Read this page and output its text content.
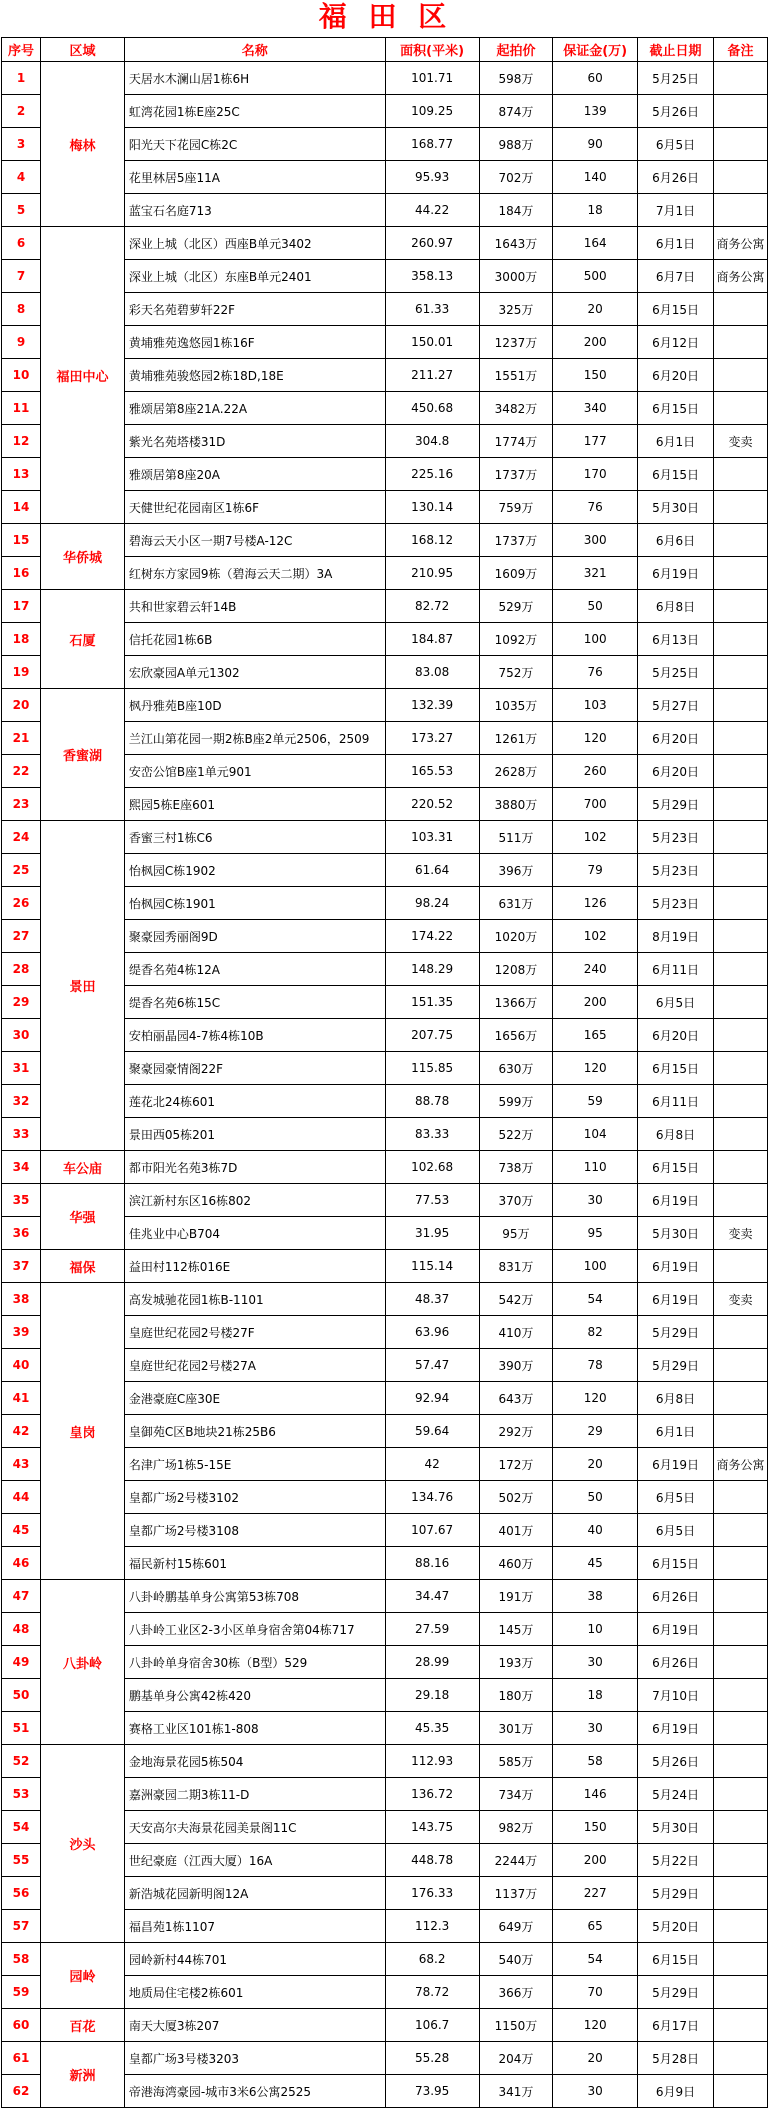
福 田 区
序号	区域	名称	面积(平米)	起拍价	保证金(万)	截止日期	备注
1	梅林	天居水木澜山居1栋6H	101.71	598万	60	5月25日	
2		虹湾花园1栋E座25C	109.25	874万	139	5月26日	
3		阳光天下花园C栋2C	168.77	988万	90	6月5日	
4		花里林居5座11A	95.93	702万	140	6月26日	
5		蓝宝石名庭713	44.22	184万	18	7月1日	
6	福田中心	深业上城（北区）西座B单元3402	260.97	1643万	164	6月1日	商务公寓
7		深业上城（北区）东座B单元2401	358.13	3000万	500	6月7日	商务公寓
8		彩天名苑碧萝轩22F	61.33	325万	20	6月15日	
9		黄埔雅苑逸悠园1栋16F	150.01	1237万	200	6月12日	
10		黄埔雅苑骏悠园2栋18D,18E	211.27	1551万	150	6月20日	
11		雅颂居第8座21A.22A	450.68	3482万	340	6月15日	
12		紫光名苑塔楼31D	304.8	1774万	177	6月1日	变卖
13		雅颂居第8座20A	225.16	1737万	170	6月15日	
14		天健世纪花园南区1栋6F	130.14	759万	76	5月30日	
15	华侨城	碧海云天小区一期7号楼A-12C	168.12	1737万	300	6月6日	
16		红树东方家园9栋（碧海云天二期）3A	210.95	1609万	321	6月19日	
17	石厦	共和世家碧云轩14B	82.72	529万	50	6月8日	
18		信托花园1栋6B	184.87	1092万	100	6月13日	
19		宏欣豪园A单元1302	83.08	752万	76	5月25日	
20	香蜜湖	枫丹雅苑B座10D	132.39	1035万	103	5月27日	
21		兰江山第花园一期2栋B座2单元2506，2509	173.27	1261万	120	6月20日	
22		安峦公馆B座1单元901	165.53	2628万	260	6月20日	
23		熙园5栋E座601	220.52	3880万	700	5月29日	
24	景田	香蜜三村1栋C6	103.31	511万	102	5月23日	
25		怡枫园C栋1902	61.64	396万	79	5月23日	
26		怡枫园C栋1901	98.24	631万	126	5月23日	
27		聚豪园秀丽阁9D	174.22	1020万	102	8月19日	
28		缇香名苑4栋12A	148.29	1208万	240	6月11日	
29		缇香名苑6栋15C	151.35	1366万	200	6月5日	
30		安柏丽晶园4-7栋4栋10B	207.75	1656万	165	6月20日	
31		聚豪园豪情阁22F	115.85	630万	120	6月15日	
32		莲花北24栋601	88.78	599万	59	6月11日	
33		景田西05栋201	83.33	522万	104	6月8日	
34	车公庙	都市阳光名苑3栋7D	102.68	738万	110	6月15日	
35	华强	滨江新村东区16栋802	77.53	370万	30	6月19日	
36		佳兆业中心B704	31.95	95万	95	5月30日	变卖
37	福保	益田村112栋016E	115.14	831万	100	6月19日	
38	皇岗	高发城驰花园1栋B-1101	48.37	542万	54	6月19日	变卖
39		皇庭世纪花园2号楼27F	63.96	410万	82	5月29日	
40		皇庭世纪花园2号楼27A	57.47	390万	78	5月29日	
41		金港豪庭C座30E	92.94	643万	120	6月8日	
42		皇御苑C区B地块21栋25B6	59.64	292万	29	6月1日	
43		名津广场1栋5-15E	42	172万	20	6月19日	商务公寓
44		皇都广场2号楼3102	134.76	502万	50	6月5日	
45		皇都广场2号楼3108	107.67	401万	40	6月5日	
46		福民新村15栋601	88.16	460万	45	6月15日	
47	八卦岭	八卦岭鹏基单身公寓第53栋708	34.47	191万	38	6月26日	
48		八卦岭工业区2-3小区单身宿舍第04栋717	27.59	145万	10	6月19日	
49		八卦岭单身宿舍30栋（B型）529	28.99	193万	30	6月26日	
50		鹏基单身公寓42栋420	29.18	180万	18	7月10日	
51		赛格工业区101栋1-808	45.35	301万	30	6月19日	
52	沙头	金地海景花园5栋504	112.93	585万	58	5月26日	
53		嘉洲豪园二期3栋11-D	136.72	734万	146	5月24日	
54		天安高尔夫海景花园美景阁11C	143.75	982万	150	5月30日	
55		世纪豪庭（江西大厦）16A	448.78	2244万	200	5月22日	
56		新浩城花园新明阁12A	176.33	1137万	227	5月29日	
57		福昌苑1栋1107	112.3	649万	65	5月20日	
58	园岭	园岭新村44栋701	68.2	540万	54	6月15日	
59		地质局住宅楼2栋601	78.72	366万	70	5月29日	
60	百花	南天大厦3栋207	106.7	1150万	120	6月17日	
61	新洲	皇都广场3号楼3203	55.28	204万	20	5月28日	
62		帝港海湾豪园-城市3米6公寓2525	73.95	341万	30	6月9日	
